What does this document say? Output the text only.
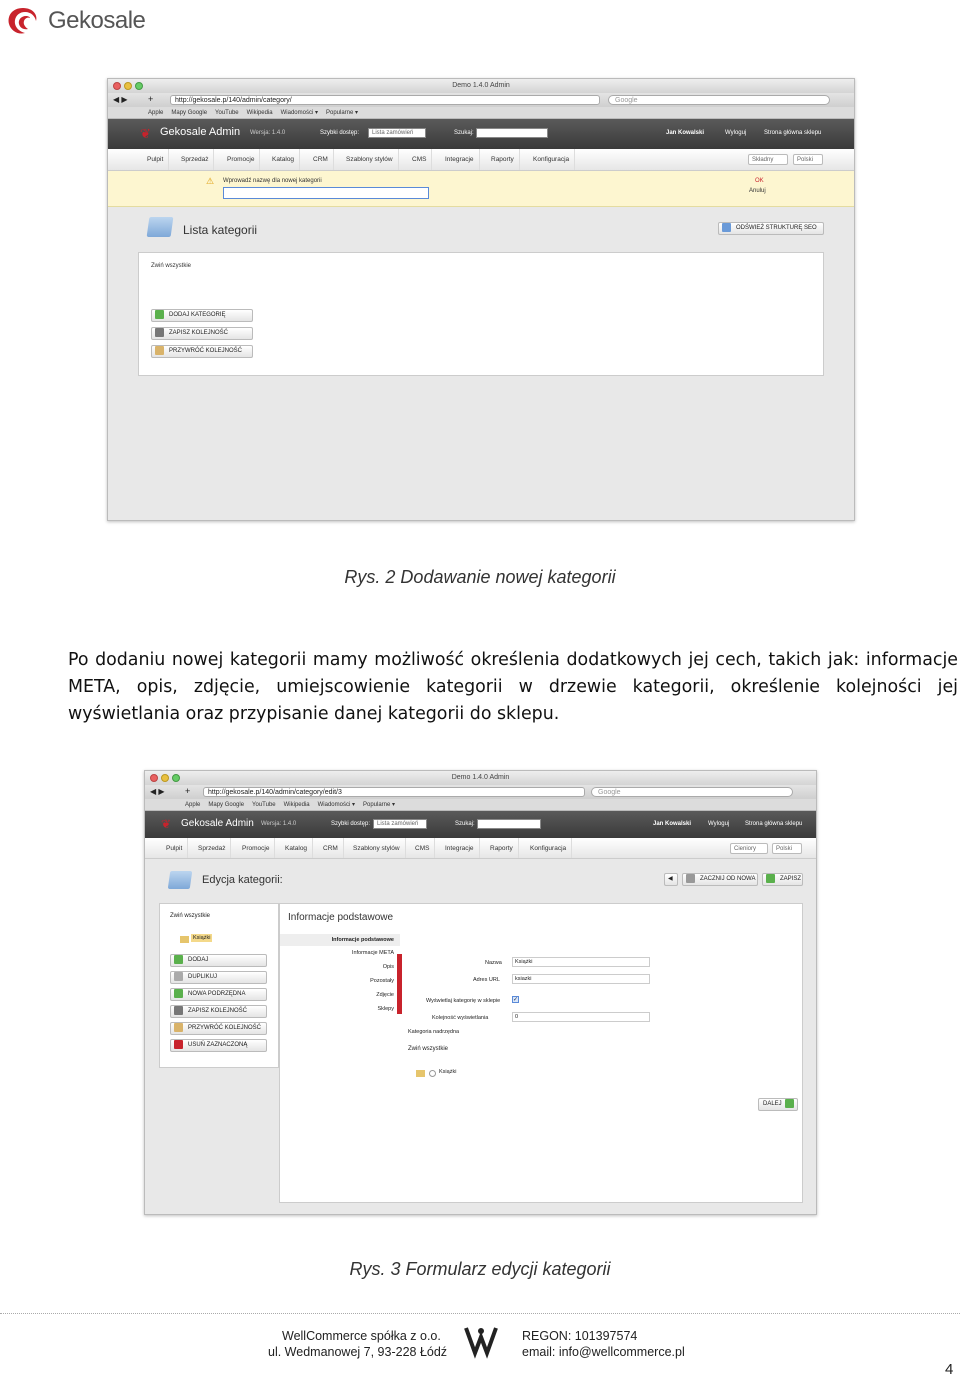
Gekosale
Demo 1.4.0 Admin
◀ ▶ +	http://gekosale.p/140/admin/category/	Google
Apple Mapy Google YouTube Wikipedia Wiadomości ▾ Popularne ▾
❦ Gekosale Admin Wersja: 1.4.0	Szybki dostęp:	Lista zamówień	Szukaj:	Jan Kowalski	Wyloguj	Strona główna sklepu
Pulpit	Sprzedaż	Promocje	Katalog	CRM	Szablony stylów	CMS	Integracje	Raporty	Konfiguracja	Składny	Polski
⚠ Wprowadź nazwę dla nowej kategorii	OK
Anuluj
Lista kategorii	ODŚWIEŻ STRUKTURĘ SEO
Zwiń wszystkie
DODAJ KATEGORIĘ
ZAPISZ KOLEJNOŚĆ
PRZYWRÓĆ KOLEJNOŚĆ
Rys. 2 Dodawanie nowej kategorii
Po dodaniu nowej kategorii mamy możliwość określenia dodatkowych jej cech, takich jak: informacje META, opis, zdjęcie, umiejscowienie kategorii w drzewie kategorii, określenie kolejności jej wyświetlania oraz przypisanie danej kategorii do sklepu.
Demo 1.4.0 Admin
◀ ▶ +	http://gekosale.p/140/admin/category/edit/3	Google
Apple Mapy Google YouTube Wikipedia Wiadomości ▾ Popularne ▾
❦ Gekosale Admin Wersja: 1.4.0	Szybki dostęp:	Lista zamówień	Szukaj:	Jan Kowalski	Wyloguj	Strona główna sklepu
Pulpit	Sprzedaż	Promocje	Katalog	CRM	Szablony stylów	CMS	Integracje	Raporty	Konfiguracja	Cieniory	Polski
Edycja kategorii:	◀	ZACZNIJ OD NOWA	ZAPISZ
Zwiń wszystkie
Książki
DODAJ
DUPLIKUJ
NOWA PODRZĘDNA
ZAPISZ KOLEJNOŚĆ
PRZYWRÓĆ KOLEJNOŚĆ
USUŃ ZAZNACZONĄ
Informacje podstawowe
Informacje podstawowe
Informacje META
Opis
Pozostały
Zdjęcie
Sklepy
Nazwa	Książki
Adres URL	ksiazki
Wyświetlaj kategorię w sklepie ✓
Kolejność wyświetlania	0
Kategoria nadrzędna
Zwiń wszystkie
Książki
DALEJ
Rys. 3 Formularz edycji kategorii
WellCommerce spółka z o.o.
ul. Wedmanowej 7, 93-228 Łódź
REGON: 101397574
email: info@wellcommerce.pl
4
